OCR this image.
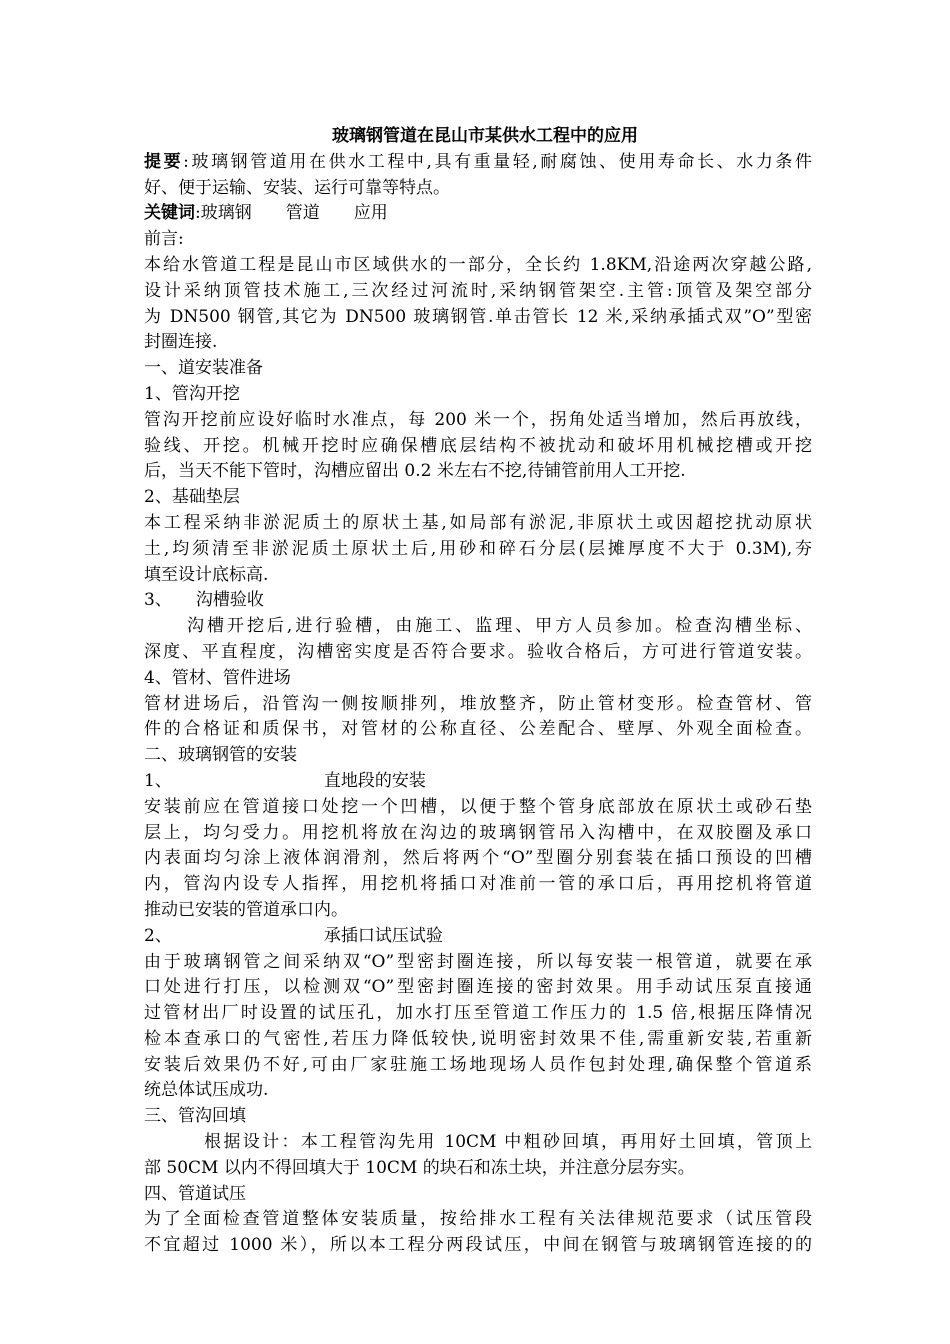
玻璃钢管道在昆山市某供水工程中的应用
提要:玻璃钢管道用在供水工程中,具有重量轻,耐腐蚀、使用寿命长、水力条件
好、便于运输、安装、运行可靠等特点。
关键词:玻璃钢 管道 应用
前言:
本给水管道工程是昆山市区域供水的一部分，全长约 1.8KM,沿途两次穿越公路,
设计采纳顶管技术施工,三次经过河流时,采纳钢管架空.主管:顶管及架空部分
为 DN500 钢管,其它为 DN500 玻璃钢管.单击管长 12 米,采纳承插式双”O”型密
封圈连接.
一、道安装准备
1、管沟开挖
管沟开挖前应设好临时水准点，每 200 米一个，拐角处适当增加，然后再放线，
验线、开挖。机械开挖时应确保槽底层结构不被扰动和破坏用机械挖槽或开挖
后，当天不能下管时，沟槽应留出 0.2 米左右不挖,待铺管前用人工开挖.
2、基础垫层
本工程采纳非淤泥质土的原状土基,如局部有淤泥,非原状土或因超挖扰动原状
土,均须清至非淤泥质土原状土后,用砂和碎石分层(层摊厚度不大于 0.3M),夯
填至设计底标高.
3、 沟槽验收
沟槽开挖后,进行验槽，由施工、监理、甲方人员参加。检查沟槽坐标、
深度、平直程度，沟槽密实度是否符合要求。验收合格后，方可进行管道安装。
4、管材、管件进场
管材进场后，沿管沟一侧按顺排列，堆放整齐，防止管材变形。检查管材、管
件的合格证和质保书，对管材的公称直径、公差配合、壁厚、外观全面检查。
二、玻璃钢管的安装
1、	直地段的安装
安装前应在管道接口处挖一个凹槽，以便于整个管身底部放在原状土或砂石垫
层上，均匀受力。用挖机将放在沟边的玻璃钢管吊入沟槽中，在双胶圈及承口
内表面均匀涂上液体润滑剂，然后将两个“O”型圈分别套装在插口预设的凹槽
内，管沟内设专人指挥，用挖机将插口对准前一管的承口后，再用挖机将管道
推动已安装的管道承口内。
2、	承插口试压试验
由于玻璃钢管之间采纳双“O”型密封圈连接，所以每安装一根管道，就要在承
口处进行打压，以检测双“O”型密封圈连接的密封效果。用手动试压泵直接通
过管材出厂时设置的试压孔，加水打压至管道工作压力的 1.5 倍,根据压降情况
检本查承口的气密性,若压力降低较快,说明密封效果不佳,需重新安装,若重新
安装后效果仍不好,可由厂家驻施工场地现场人员作包封处理,确保整个管道系
统总体试压成功.
三、管沟回填
根据设计：本工程管沟先用 10CM 中粗砂回填，再用好土回填，管顶上
部 50CM 以内不得回填大于 10CM 的块石和冻土块，并注意分层夯实。
四、管道试压
为了全面检查管道整体安装质量，按给排水工程有关法律规范要求（试压管段
不宜超过 1000 米），所以本工程分两段试压，中间在钢管与玻璃钢管连接的的
